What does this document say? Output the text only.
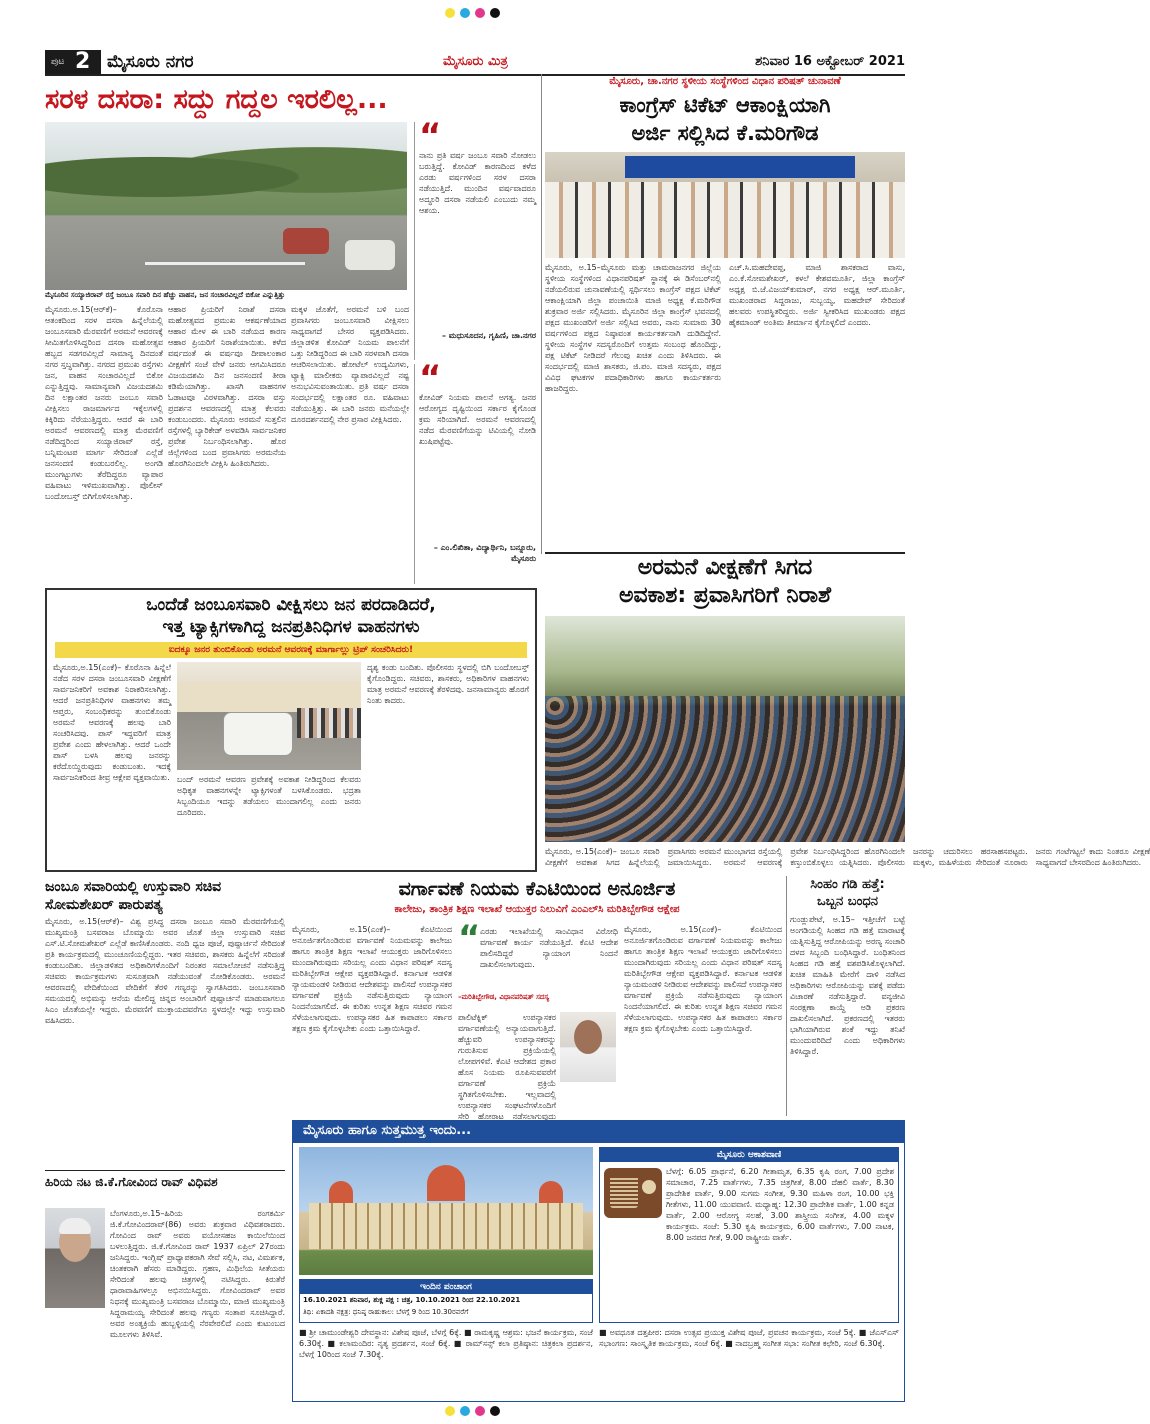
ಪುಟ 2 ಮೈಸೂರು ನಗರ	ಮೈಸೂರು ಮಿತ್ರ	ಶನಿವಾರ 16 ಅಕ್ಟೋಬರ್ 2021
ಸರಳ ದಸರಾ: ಸದ್ದು ಗದ್ದಲ ಇರಲಿಲ್ಲ...
ಮೈಸೂರಿನ ಸಯ್ಯಾಜಿರಾವ್ ರಸ್ತೆ ಜಂಬೂ ಸವಾರಿ ದಿನ ಹೆಚ್ಚು ವಾಹನ, ಜನ ಸಂಚಾರವಿಲ್ಲದೆ ಬಿಕೋ ಎನ್ನುತ್ತಿತ್ತು
“
ನಾನು ಪ್ರತಿ ವರ್ಷ ಜಂಬೂ ಸವಾರಿ ನೋಡಲು ಬರುತ್ತಿದ್ದೆ. ಕೋವಿಡ್ ಕಾರಣದಿಂದ ಕಳೆದ ಎರಡು ವರ್ಷಗಳಿಂದ ಸರಳ ದಸರಾ ನಡೆಯುತ್ತಿದೆ. ಮುಂದಿನ ವರ್ಷವಾದರೂ ಅದ್ಧೂರಿ ದಸರಾ ನಡೆಯಲಿ ಎಂಬುದು ನಮ್ಮ ಆಶಯ.
– ಮಧುಸೂದನ, ಗೃಹಿಣಿ, ಚಾ.ನಗರ
ಮೈಸೂರು.ಅ.15(ಆರ್‌ಕೆ)– ಕೊರೊನಾ ಆತಂಕದಿಂದ ಸರಳ ದಸರಾ ಹಿನ್ನೆಲೆಯಲ್ಲಿ ಜಂಬೂಸವಾರಿ ಮೆರವಣಿಗೆ ಅರಮನೆ ಆವರಣಕ್ಕೆ ಸೀಮಿತಗೊಳಿಸಿದ್ದರಿಂದ ದಸರಾ ಮಹೋತ್ಸವ ಹಬ್ಬದ ಸಡಗರವಿಲ್ಲದೆ ಸಾಮಾನ್ಯ ದಿನದಂತೆ ನಗರ ಸ್ತಬ್ಧವಾಗಿತ್ತು. ನಗರದ ಪ್ರಮುಖ ರಸ್ತೆಗಳು ಜನ, ವಾಹನ ಸಂಚಾರವಿಲ್ಲದೆ ಬಿಕೋ ಎನ್ನುತ್ತಿದ್ದವು. ಸಾಮಾನ್ಯವಾಗಿ ವಿಜಯದಶಮಿ ದಿನ ಲಕ್ಷಾಂತರ ಜನರು ಜಂಬೂ ಸವಾರಿ ವೀಕ್ಷಿಸಲು ರಾಜಮಾರ್ಗದ ಇಕ್ಕೆಲಗಳಲ್ಲಿ ಕಿಕ್ಕಿರಿದು ನೆರೆಯುತ್ತಿದ್ದರು. ಆದರೆ ಈ ಬಾರಿ ಅರಮನೆ ಆವರಣದಲ್ಲಿ ಮಾತ್ರ ಮೆರವಣಿಗೆ ನಡೆದಿದ್ದರಿಂದ ಸಯ್ಯಾಜಿರಾವ್ ರಸ್ತೆ, ಬನ್ನಿಮಂಟಪ ಮಾರ್ಗ ಸೇರಿದಂತೆ ಎಲ್ಲೆಡೆ ಜನಸಂದಣಿ ಕಂಡುಬರಲಿಲ್ಲ. ಅಂಗಡಿ ಮುಂಗಟ್ಟುಗಳು ತೆರೆದಿದ್ದರೂ ವ್ಯಾಪಾರ ವಹಿವಾಟು ಇಳಿಮುಖವಾಗಿತ್ತು. ಪೊಲೀಸ್ ಬಂದೋಬಸ್ತ್ ಬಿಗಿಗೊಳಿಸಲಾಗಿತ್ತು.
ಆಹಾರ ಪ್ರಿಯರಿಗೆ ನಿರಾಶೆ ದಸರಾ ಮಹೋತ್ಸವದ ಪ್ರಮುಖ ಆಕರ್ಷಣೆಯಾದ ಆಹಾರ ಮೇಳ ಈ ಬಾರಿ ನಡೆಯದ ಕಾರಣ ಆಹಾರ ಪ್ರಿಯರಿಗೆ ನಿರಾಶೆಯಾಯಿತು. ಕಳೆದ ವರ್ಷದಂತೆ ಈ ವರ್ಷವೂ ದೀಪಾಲಂಕಾರ ವೀಕ್ಷಣೆಗೆ ಸಂಜೆ ವೇಳೆ ಜನರು ಆಗಮಿಸಿದರೂ ವಿಜಯದಶಮಿ ದಿನ ಜನಸಂದಣಿ ತೀರಾ ಕಡಿಮೆಯಾಗಿತ್ತು. ಖಾಸಗಿ ವಾಹನಗಳ ಓಡಾಟವೂ ವಿರಳವಾಗಿತ್ತು. ದಸರಾ ವಸ್ತು ಪ್ರದರ್ಶನ ಆವರಣದಲ್ಲಿ ಮಾತ್ರ ಕೆಲವರು ಕಂಡುಬಂದರು. ಮೈಸೂರು ಅರಮನೆ ಸುತ್ತಲಿನ ರಸ್ತೆಗಳಲ್ಲಿ ಬ್ಯಾರಿಕೇಡ್ ಅಳವಡಿಸಿ ಸಾರ್ವಜನಿಕರ ಪ್ರವೇಶ ನಿರ್ಬಂಧಿಸಲಾಗಿತ್ತು. ಹೊರ ಜಿಲ್ಲೆಗಳಿಂದ ಬಂದ ಪ್ರವಾಸಿಗರು ಅರಮನೆಯ ಹೊರಗಿನಿಂದಲೇ ವೀಕ್ಷಿಸಿ ಹಿಂತಿರುಗಿದರು.
ಮಕ್ಕಳ ಜೊತೆಗೆ, ಅರಮನೆ ಬಳಿ ಬಂದ ಪ್ರವಾಸಿಗರು ಜಂಬೂಸವಾರಿ ವೀಕ್ಷಿಸಲು ಸಾಧ್ಯವಾಗದೆ ಬೇಸರ ವ್ಯಕ್ತಪಡಿಸಿದರು. ಜಿಲ್ಲಾಡಳಿತ ಕೋವಿಡ್ ನಿಯಮ ಪಾಲನೆಗೆ ಒತ್ತು ನೀಡಿದ್ದರಿಂದ ಈ ಬಾರಿ ಸರಳವಾಗಿ ದಸರಾ ಆಚರಿಸಲಾಯಿತು. ಹೋಟೆಲ್ ಉದ್ಯಮಿಗಳು, ಟ್ಯಾಕ್ಸಿ ಮಾಲೀಕರು ವ್ಯಾಪಾರವಿಲ್ಲದೆ ನಷ್ಟ ಅನುಭವಿಸುವಂತಾಯಿತು. ಪ್ರತಿ ವರ್ಷ ದಸರಾ ಸಂದರ್ಭದಲ್ಲಿ ಲಕ್ಷಾಂತರ ರೂ. ವಹಿವಾಟು ನಡೆಯುತ್ತಿತ್ತು. ಈ ಬಾರಿ ಜನರು ಮನೆಯಲ್ಲೇ ದೂರದರ್ಶನದಲ್ಲಿ ನೇರ ಪ್ರಸಾರ ವೀಕ್ಷಿಸಿದರು.
“
ಕೋವಿಡ್ ನಿಯಮ ಪಾಲನೆ ಅಗತ್ಯ. ಜನರ ಆರೋಗ್ಯದ ದೃಷ್ಟಿಯಿಂದ ಸರ್ಕಾರ ಕೈಗೊಂಡ ಕ್ರಮ ಸರಿಯಾಗಿದೆ. ಅರಮನೆ ಆವರಣದಲ್ಲಿ ನಡೆದ ಮೆರವಣಿಗೆಯನ್ನು ಟಿವಿಯಲ್ಲಿ ನೋಡಿ ಖುಷಿಪಟ್ಟೆವು.
– ಎಂ.ಲಿಖಿತಾ, ವಿದ್ಯಾರ್ಥಿನಿ, ಬನ್ನೂರು, ಮೈಸೂರು
ಮೈಸೂರು, ಚಾ.ನಗರ ಸ್ಥಳೀಯ ಸಂಸ್ಥೆಗಳಿಂದ ವಿಧಾನ ಪರಿಷತ್ ಚುನಾವಣೆ
ಕಾಂಗ್ರೆಸ್ ಟಿಕೆಟ್ ಆಕಾಂಕ್ಷಿಯಾಗಿ
ಅರ್ಜಿ ಸಲ್ಲಿಸಿದ ಕೆ.ಮರಿಗೌಡ
ಮೈಸೂರು, ಅ.15–ಮೈಸೂರು ಮತ್ತು ಚಾಮರಾಜನಗರ ಜಿಲ್ಲೆಯ ಸ್ಥಳೀಯ ಸಂಸ್ಥೆಗಳಿಂದ ವಿಧಾನಪರಿಷತ್ ಸ್ಥಾನಕ್ಕೆ ಈ ಡಿಸೆಂಬರ್‌ನಲ್ಲಿ ನಡೆಯಲಿರುವ ಚುನಾವಣೆಯಲ್ಲಿ ಸ್ಪರ್ಧಿಸಲು ಕಾಂಗ್ರೆಸ್ ಪಕ್ಷದ ಟಿಕೆಟ್ ಆಕಾಂಕ್ಷಿಯಾಗಿ ಜಿಲ್ಲಾ ಪಂಚಾಯಿತಿ ಮಾಜಿ ಅಧ್ಯಕ್ಷ ಕೆ.ಮರಿಗೌಡ ಶುಕ್ರವಾರ ಅರ್ಜಿ ಸಲ್ಲಿಸಿದರು. ಮೈಸೂರಿನ ಜಿಲ್ಲಾ ಕಾಂಗ್ರೆಸ್ ಭವನದಲ್ಲಿ ಪಕ್ಷದ ಮುಖಂಡರಿಗೆ ಅರ್ಜಿ ಸಲ್ಲಿಸಿದ ಅವರು, ನಾನು ಸುಮಾರು 30 ವರ್ಷಗಳಿಂದ ಪಕ್ಷದ ನಿಷ್ಠಾವಂತ ಕಾರ್ಯಕರ್ತನಾಗಿ ದುಡಿದಿದ್ದೇನೆ. ಸ್ಥಳೀಯ ಸಂಸ್ಥೆಗಳ ಸದಸ್ಯರೊಂದಿಗೆ ಉತ್ತಮ ಸಂಬಂಧ ಹೊಂದಿದ್ದು, ಪಕ್ಷ ಟಿಕೆಟ್ ನೀಡಿದರೆ ಗೆಲುವು ಖಚಿತ ಎಂದು ತಿಳಿಸಿದರು. ಈ ಸಂದರ್ಭದಲ್ಲಿ ಮಾಜಿ ಶಾಸಕರು, ಜಿ.ಪಂ. ಮಾಜಿ ಸದಸ್ಯರು, ಪಕ್ಷದ ವಿವಿಧ ಘಟಕಗಳ ಪದಾಧಿಕಾರಿಗಳು ಹಾಗೂ ಕಾರ್ಯಕರ್ತರು ಹಾಜರಿದ್ದರು.
ಎಚ್.ಸಿ.ಮಹದೇವಪ್ಪ, ಮಾಜಿ ಶಾಸಕರಾದ ವಾಸು, ಎಂ.ಕೆ.ಸೋಮಶೇಖರ್, ಕಳಲೆ ಕೇಶವಮೂರ್ತಿ, ಜಿಲ್ಲಾ ಕಾಂಗ್ರೆಸ್ ಅಧ್ಯಕ್ಷ ಬಿ.ಜೆ.ವಿಜಯ್‌ಕುಮಾರ್, ನಗರ ಅಧ್ಯಕ್ಷ ಆರ್.ಮೂರ್ತಿ, ಮುಖಂಡರಾದ ಸಿದ್ದರಾಜು, ಸುಬ್ಬಯ್ಯ, ಮಹದೇವ್ ಸೇರಿದಂತೆ ಹಲವರು ಉಪಸ್ಥಿತರಿದ್ದರು. ಅರ್ಜಿ ಸ್ವೀಕರಿಸಿದ ಮುಖಂಡರು ಪಕ್ಷದ ಹೈಕಮಾಂಡ್ ಅಂತಿಮ ತೀರ್ಮಾನ ಕೈಗೊಳ್ಳಲಿದೆ ಎಂದರು.
ಅರಮನೆ ವೀಕ್ಷಣೆಗೆ ಸಿಗದ
ಅವಕಾಶ: ಪ್ರವಾಸಿಗರಿಗೆ ನಿರಾಶೆ
ಮೈಸೂರು, ಅ.15(ಎಂಕೆ)– ಜಂಬೂ ಸವಾರಿ ವೀಕ್ಷಣೆಗೆ ಅವಕಾಶ ಸಿಗದ ಹಿನ್ನೆಲೆಯಲ್ಲಿ ಪ್ರವಾಸಿಗರು ಅರಮನೆ ಮುಂಭಾಗದ ರಸ್ತೆಯಲ್ಲಿ ಜಮಾಯಿಸಿದ್ದರು. ಅರಮನೆ ಆವರಣಕ್ಕೆ ಪ್ರವೇಶ ನಿರ್ಬಂಧಿಸಿದ್ದರಿಂದ ಹೊರಗಿನಿಂದಲೇ ಕಣ್ತುಂಬಿಕೊಳ್ಳಲು ಯತ್ನಿಸಿದರು. ಪೊಲೀಸರು ಜನರನ್ನು ಚದುರಿಸಲು ಹರಸಾಹಸಪಟ್ಟರು. ಮಕ್ಕಳು, ಮಹಿಳೆಯರು ಸೇರಿದಂತೆ ನೂರಾರು ಜನರು ಗಂಟೆಗಟ್ಟಲೆ ಕಾದು ನಿಂತರೂ ವೀಕ್ಷಣೆ ಸಾಧ್ಯವಾಗದೆ ಬೇಸರದಿಂದ ಹಿಂತಿರುಗಿದರು.
ಒಂದೆಡೆ ಜಂಬೂಸವಾರಿ ವೀಕ್ಷಿಸಲು ಜನ ಪರದಾಡಿದರೆ,
ಇತ್ತ ಟ್ಯಾಕ್ಸಿಗಳಾಗಿದ್ದ ಜನಪ್ರತಿನಿಧಿಗಳ ವಾಹನಗಳು
ಐದಕ್ಕೂ ಜನರ ತುಂಬಿಕೊಂಡು ಅರಮನೆ ಆವರಣಕ್ಕೆ ಮಾರ್ಗಾಲ್ಲು ಟ್ರಿಪ್ ಸಂಚರಿಸಿದರು!
ಮೈಸೂರು,ಅ.15(ಎಂಕೆ)– ಕೊರೊನಾ ಹಿನ್ನೆಲೆ ನಡೆದ ಸರಳ ದಸರಾ ಜಂಬೂಸವಾರಿ ವೀಕ್ಷಣೆಗೆ ಸಾರ್ವಜನಿಕರಿಗೆ ಅವಕಾಶ ನಿರಾಕರಿಸಲಾಗಿತ್ತು. ಆದರೆ ಜನಪ್ರತಿನಿಧಿಗಳ ವಾಹನಗಳು ತಮ್ಮ ಆಪ್ತರು, ಸಂಬಂಧಿಕರನ್ನು ತುಂಬಿಕೊಂಡು ಅರಮನೆ ಆವರಣಕ್ಕೆ ಹಲವು ಬಾರಿ ಸಂಚರಿಸಿದವು. ಪಾಸ್ ಇದ್ದವರಿಗೆ ಮಾತ್ರ ಪ್ರವೇಶ ಎಂದು ಹೇಳಲಾಗಿತ್ತು. ಆದರೆ ಒಂದೇ ಪಾಸ್ ಬಳಸಿ ಹಲವು ಜನರನ್ನು ಕರೆದೊಯ್ದಿರುವುದು ಕಂಡುಬಂತು. ಇದಕ್ಕೆ ಸಾರ್ವಜನಿಕರಿಂದ ತೀವ್ರ ಆಕ್ಷೇಪ ವ್ಯಕ್ತವಾಯಿತು. ಬಂದ್‌ ಅರಮನೆ ಆವರಣ ಪ್ರವೇಶಕ್ಕೆ ಅವಕಾಶ ನೀಡಿದ್ದರಿಂದ ಕೆಲವರು ಅಧಿಕೃತ ವಾಹನಗಳನ್ನೇ ಟ್ಯಾಕ್ಸಿಗಳಂತೆ ಬಳಸಿಕೊಂಡರು. ಭದ್ರತಾ ಸಿಬ್ಬಂದಿಯೂ ಇದನ್ನು ತಡೆಯಲು ಮುಂದಾಗಲಿಲ್ಲ ಎಂದು ಜನರು ದೂರಿದರು.
ದೃಶ್ಯ ಕಂಡು ಬಂದಿತು. ಪೊಲೀಸರು ಸ್ಥಳದಲ್ಲಿ ಬಿಗಿ ಬಂದೋಬಸ್ತ್ ಕೈಗೊಂಡಿದ್ದರು. ಸಚಿವರು, ಶಾಸಕರು, ಅಧಿಕಾರಿಗಳ ವಾಹನಗಳು ಮಾತ್ರ ಅರಮನೆ ಆವರಣಕ್ಕೆ ತೆರಳಿದವು. ಜನಸಾಮಾನ್ಯರು ಹೊರಗೆ ನಿಂತು ಕಾದರು.
ಜಂಬೂ ಸವಾರಿಯಲ್ಲಿ ಉಸ್ತುವಾರಿ ಸಚಿವ ಸೋಮಶೇಖರ್ ಪಾರುಪತ್ಯ
ಮೈಸೂರು, ಅ.15(ಆರ್‌ಕೆ)– ವಿಶ್ವ ಪ್ರಸಿದ್ಧ ದಸರಾ ಜಂಬೂ ಸವಾರಿ ಮೆರವಣಿಗೆಯಲ್ಲಿ ಮುಖ್ಯಮಂತ್ರಿ ಬಸವರಾಜ ಬೊಮ್ಮಾಯಿ ಅವರ ಜೊತೆ ಜಿಲ್ಲಾ ಉಸ್ತುವಾರಿ ಸಚಿವ ಎಸ್.ಟಿ.ಸೋಮಶೇಖರ್ ಎಲ್ಲೆಡೆ ಕಾಣಿಸಿಕೊಂಡರು. ನಂದಿ ಧ್ವಜ ಪೂಜೆ, ಪುಷ್ಪಾರ್ಚನೆ ಸೇರಿದಂತೆ ಪ್ರತಿ ಕಾರ್ಯಕ್ರಮದಲ್ಲಿ ಮುಂಚೂಣಿಯಲ್ಲಿದ್ದರು. ಇತರ ಸಚಿವರು, ಶಾಸಕರು ಹಿನ್ನೆಲೆಗೆ ಸರಿದಂತೆ ಕಂಡುಬಂದಿತು. ಜಿಲ್ಲಾಡಳಿತದ ಅಧಿಕಾರಿಗಳೊಂದಿಗೆ ನಿರಂತರ ಸಮಾಲೋಚನೆ ನಡೆಸುತ್ತಿದ್ದ ಸಚಿವರು ಕಾರ್ಯಕ್ರಮಗಳು ಸುಸೂತ್ರವಾಗಿ ನಡೆಯುವಂತೆ ನೋಡಿಕೊಂಡರು. ಅರಮನೆ ಆವರಣದಲ್ಲಿ ವೇದಿಕೆಯಿಂದ ವೇದಿಕೆಗೆ ತೆರಳಿ ಗಣ್ಯರನ್ನು ಸ್ವಾಗತಿಸಿದರು. ಜಂಬೂಸವಾರಿ ಸಮಯದಲ್ಲಿ ಅಭಿಮನ್ಯು ಆನೆಯ ಮೇಲಿದ್ದ ಚಿನ್ನದ ಅಂಬಾರಿಗೆ ಪುಷ್ಪಾರ್ಚನೆ ಮಾಡುವಾಗಲೂ ಸಿಎಂ ಜೊತೆಯಲ್ಲೇ ಇದ್ದರು. ಮೆರವಣಿಗೆ ಮುಕ್ತಾಯದವರೆಗೂ ಸ್ಥಳದಲ್ಲೇ ಇದ್ದು ಉಸ್ತುವಾರಿ ವಹಿಸಿದರು.
ಹಿರಿಯ ನಟ ಜಿ.ಕೆ.ಗೋವಿಂದ ರಾವ್ ವಿಧಿವಶ
ಬೆಂಗಳೂರು,ಅ.15–ಹಿರಿಯ ರಂಗಕರ್ಮಿ ಜಿ.ಕೆ.ಗೋವಿಂದರಾವ್(86) ಅವರು ಶುಕ್ರವಾರ ವಿಧಿವಶರಾದರು. ಗೋವಿಂದ ರಾವ್ ಅವರು ವಯೋಸಹಜ ಕಾಯಿಲೆಯಿಂದ ಬಳಲುತ್ತಿದ್ದರು. ಜಿ.ಕೆ.ಗೋವಿಂದ ರಾವ್ 1937 ಏಪ್ರಿಲ್ 27ರಂದು ಜನಿಸಿದ್ದರು. ಇಂಗ್ಲಿಷ್ ಪ್ರಾಧ್ಯಾಪಕರಾಗಿ ಸೇವೆ ಸಲ್ಲಿಸಿ, ನಟ, ವಿಮರ್ಶಕ, ಚಿಂತಕರಾಗಿ ಹೆಸರು ಮಾಡಿದ್ದರು. ಗ್ರಹಣ, ಮಿಥಿಲೆಯ ಸೀತೆಯರು ಸೇರಿದಂತೆ ಹಲವು ಚಿತ್ರಗಳಲ್ಲಿ ನಟಿಸಿದ್ದರು. ಕಿರುತೆರೆ ಧಾರಾವಾಹಿಗಳಲ್ಲೂ ಅಭಿನಯಿಸಿದ್ದರು. ಗೋವಿಂದರಾವ್ ಅವರ ನಿಧನಕ್ಕೆ ಮುಖ್ಯಮಂತ್ರಿ ಬಸವರಾಜ ಬೊಮ್ಮಾಯಿ, ಮಾಜಿ ಮುಖ್ಯಮಂತ್ರಿ ಸಿದ್ದರಾಮಯ್ಯ ಸೇರಿದಂತೆ ಹಲವು ಗಣ್ಯರು ಸಂತಾಪ ಸೂಚಿಸಿದ್ದಾರೆ. ಅವರ ಅಂತ್ಯಕ್ರಿಯೆ ಹುಬ್ಬಳ್ಳಿಯಲ್ಲಿ ನೆರವೇರಲಿದೆ ಎಂದು ಕುಟುಂಬದ ಮೂಲಗಳು ತಿಳಿಸಿವೆ.
ವರ್ಗಾವಣೆ ನಿಯಮ ಕೆಎಟಿಯಿಂದ ಅನೂರ್ಜಿತ
ಕಾಲೇಜು, ತಾಂತ್ರಿಕ ಶಿಕ್ಷಣ ಇಲಾಖೆ ಆಯುಕ್ತರ ನಿಲುವಿಗೆ ಎಂಎಲ್‌ಸಿ ಮರಿತಿಬ್ಬೇಗೌಡ ಆಕ್ಷೇಪ
ಮೈಸೂರು, ಅ.15(ಎಂಕೆ)– ಕೆಎಟಿಯಿಂದ ಅನೂರ್ಜಿತಗೊಂಡಿರುವ ವರ್ಗಾವಣೆ ನಿಯಮವನ್ನು ಕಾಲೇಜು ಹಾಗೂ ತಾಂತ್ರಿಕ ಶಿಕ್ಷಣ ಇಲಾಖೆ ಆಯುಕ್ತರು ಜಾರಿಗೊಳಿಸಲು ಮುಂದಾಗಿರುವುದು ಸರಿಯಲ್ಲ ಎಂದು ವಿಧಾನ ಪರಿಷತ್ ಸದಸ್ಯ ಮರಿತಿಬ್ಬೇಗೌಡ ಆಕ್ಷೇಪ ವ್ಯಕ್ತಪಡಿಸಿದ್ದಾರೆ. ಕರ್ನಾಟಕ ಆಡಳಿತ ನ್ಯಾಯಮಂಡಳಿ ನೀಡಿರುವ ಆದೇಶವನ್ನು ಪಾಲಿಸದೆ ಉಪನ್ಯಾಸಕರ ವರ್ಗಾವಣೆ ಪ್ರಕ್ರಿಯೆ ನಡೆಸುತ್ತಿರುವುದು ನ್ಯಾಯಾಂಗ ನಿಂದನೆಯಾಗಲಿದೆ. ಈ ಕುರಿತು ಉನ್ನತ ಶಿಕ್ಷಣ ಸಚಿವರ ಗಮನ ಸೆಳೆಯಲಾಗುವುದು. ಉಪನ್ಯಾಸಕರ ಹಿತ ಕಾಪಾಡಲು ಸರ್ಕಾರ ತಕ್ಷಣ ಕ್ರಮ ಕೈಗೊಳ್ಳಬೇಕು ಎಂದು ಒತ್ತಾಯಿಸಿದ್ದಾರೆ.
“ ಎರಡು ಇಲಾಖೆಯಲ್ಲಿ ಸಾಂವಿಧಾನ ವಿರೋಧಿ ವರ್ಗಾವಣೆ ಕಾರ್ಯ ನಡೆಯುತ್ತಿದೆ. ಕೆಎಟಿ ಆದೇಶ ಪಾಲಿಸದಿದ್ದರೆ ನ್ಯಾಯಾಂಗ ನಿಂದನೆ ದಾಖಲಿಸಲಾಗುವುದು.
–ಮರಿತಿಬ್ಬೇಗೌಡ, ವಿಧಾನಪರಿಷತ್ ಸದಸ್ಯ
ಪಾಲಿಟೆಕ್ನಿಕ್ ಉಪನ್ಯಾಸಕರ ವರ್ಗಾವಣೆಯಲ್ಲಿ ಅನ್ಯಾಯವಾಗುತ್ತಿದೆ. ಹೆಚ್ಚುವರಿ ಉಪನ್ಯಾಸಕರನ್ನು ಗುರುತಿಸುವ ಪ್ರಕ್ರಿಯೆಯಲ್ಲಿ ಲೋಪಗಳಿವೆ. ಕೆಎಟಿ ಆದೇಶದ ಪ್ರಕಾರ ಹೊಸ ನಿಯಮ ರೂಪಿಸುವವರೆಗೆ ವರ್ಗಾವಣೆ ಪ್ರಕ್ರಿಯೆ ಸ್ಥಗಿತಗೊಳಿಸಬೇಕು. ಇಲ್ಲವಾದಲ್ಲಿ ಉಪನ್ಯಾಸಕರ ಸಂಘಟನೆಗಳೊಂದಿಗೆ ಸೇರಿ ಹೋರಾಟ ನಡೆಸಲಾಗುವುದು
ಮೈಸೂರು, ಅ.15(ಎಂಕೆ)– ಕೆಎಟಿಯಿಂದ ಅನೂರ್ಜಿತಗೊಂಡಿರುವ ವರ್ಗಾವಣೆ ನಿಯಮವನ್ನು ಕಾಲೇಜು ಹಾಗೂ ತಾಂತ್ರಿಕ ಶಿಕ್ಷಣ ಇಲಾಖೆ ಆಯುಕ್ತರು ಜಾರಿಗೊಳಿಸಲು ಮುಂದಾಗಿರುವುದು ಸರಿಯಲ್ಲ ಎಂದು ವಿಧಾನ ಪರಿಷತ್ ಸದಸ್ಯ ಮರಿತಿಬ್ಬೇಗೌಡ ಆಕ್ಷೇಪ ವ್ಯಕ್ತಪಡಿಸಿದ್ದಾರೆ. ಕರ್ನಾಟಕ ಆಡಳಿತ ನ್ಯಾಯಮಂಡಳಿ ನೀಡಿರುವ ಆದೇಶವನ್ನು ಪಾಲಿಸದೆ ಉಪನ್ಯಾಸಕರ ವರ್ಗಾವಣೆ ಪ್ರಕ್ರಿಯೆ ನಡೆಸುತ್ತಿರುವುದು ನ್ಯಾಯಾಂಗ ನಿಂದನೆಯಾಗಲಿದೆ. ಈ ಕುರಿತು ಉನ್ನತ ಶಿಕ್ಷಣ ಸಚಿವರ ಗಮನ ಸೆಳೆಯಲಾಗುವುದು. ಉಪನ್ಯಾಸಕರ ಹಿತ ಕಾಪಾಡಲು ಸರ್ಕಾರ ತಕ್ಷಣ ಕ್ರಮ ಕೈಗೊಳ್ಳಬೇಕು ಎಂದು ಒತ್ತಾಯಿಸಿದ್ದಾರೆ.
ಸಿಂಹಂ ಗಡಿ ಹತ್ತೆ:
ಒಬ್ಬನ ಬಂಧನ
ಗುಂಡ್ಲುಪೇಟೆ, ಅ.15– ಇತ್ತೀಚೆಗೆ ಬಟ್ಟೆ ಅಂಗಡಿಯಲ್ಲಿ ಸಿಂಹದ ಗಡಿ ಹತ್ತೆ ಮಾರಾಟಕ್ಕೆ ಯತ್ನಿಸುತ್ತಿದ್ದ ಆರೋಪಿಯನ್ನು ಅರಣ್ಯ ಸಂಚಾರಿ ದಳದ ಸಿಬ್ಬಂದಿ ಬಂಧಿಸಿದ್ದಾರೆ. ಬಂಧಿತನಿಂದ ಸಿಂಹದ ಗಡಿ ಹತ್ತೆ ವಶಪಡಿಸಿಕೊಳ್ಳಲಾಗಿದೆ. ಖಚಿತ ಮಾಹಿತಿ ಮೇರೆಗೆ ದಾಳಿ ನಡೆಸಿದ ಅಧಿಕಾರಿಗಳು ಆರೋಪಿಯನ್ನು ವಶಕ್ಕೆ ಪಡೆದು ವಿಚಾರಣೆ ನಡೆಸುತ್ತಿದ್ದಾರೆ. ವನ್ಯಜೀವಿ ಸಂರಕ್ಷಣಾ ಕಾಯ್ದೆ ಅಡಿ ಪ್ರಕರಣ ದಾಖಲಿಸಲಾಗಿದೆ. ಪ್ರಕರಣದಲ್ಲಿ ಇತರರು ಭಾಗಿಯಾಗಿರುವ ಶಂಕೆ ಇದ್ದು ತನಿಖೆ ಮುಂದುವರಿದಿದೆ ಎಂದು ಅಧಿಕಾರಿಗಳು ತಿಳಿಸಿದ್ದಾರೆ.
ಮೈಸೂರು ಹಾಗೂ ಸುತ್ತಮುತ್ತ ಇಂದು...
ಇಂದಿನ ಪಂಚಾಂಗ
16.10.2021 ಶನಿವಾರ, ಶುಕ್ಲ ಪಕ್ಷ : ಚತ್ರ, 10.10.2021 ರಿಂದ 22.10.2021
ತಿಥಿ: ಏಕಾದಶಿ ನಕ್ಷತ್ರ: ಧನಿಷ್ಠ ರಾಹುಕಾಲ: ಬೆಳಗ್ಗೆ 9 ರಿಂದ 10.30ರವರೆಗೆ
ಮೈಸೂರು ಆಕಾಶವಾಣಿ
ಬೆಳಗ್ಗೆ: 6.05 ಪ್ರಾರ್ಥನೆ, 6.20 ಗೀತಾಮೃತ, 6.35 ಕೃಷಿ ರಂಗ, 7.00 ಪ್ರದೇಶ ಸಮಾಚಾರ, 7.25 ವಾರ್ತೆಗಳು, 7.35 ಚಿತ್ರಗೀತೆ, 8.00 ದೆಹಲಿ ವಾರ್ತೆ, 8.30 ಪ್ರಾದೇಶಿಕ ವಾರ್ತೆ, 9.00 ಸುಗಮ ಸಂಗೀತ, 9.30 ಮಹಿಳಾ ರಂಗ, 10.00 ಭಕ್ತಿ ಗೀತೆಗಳು, 11.00 ಯುವವಾಣಿ. ಮಧ್ಯಾಹ್ನ: 12.30 ಪ್ರಾದೇಶಿಕ ವಾರ್ತೆ, 1.00 ಕನ್ನಡ ವಾರ್ತೆ, 2.00 ಆರೋಗ್ಯ ಸಲಹೆ, 3.00 ಶಾಸ್ತ್ರೀಯ ಸಂಗೀತ, 4.00 ಮಕ್ಕಳ ಕಾರ್ಯಕ್ರಮ. ಸಂಜೆ: 5.30 ಕೃಷಿ ಕಾರ್ಯಕ್ರಮ, 6.00 ವಾರ್ತೆಗಳು, 7.00 ನಾಟಕ, 8.00 ಜನಪದ ಗೀತೆ, 9.00 ರಾಷ್ಟ್ರೀಯ ವಾರ್ತೆ.
■ ಶ್ರೀ ಚಾಮುಂಡೇಶ್ವರಿ ದೇವಸ್ಥಾನ: ವಿಶೇಷ ಪೂಜೆ, ಬೆಳಗ್ಗೆ 6ಕ್ಕೆ. ■ ರಾಮಕೃಷ್ಣ ಆಶ್ರಮ: ಭಜನೆ ಕಾರ್ಯಕ್ರಮ, ಸಂಜೆ 6.30ಕ್ಕೆ. ■ ಕಲಾಮಂದಿರ: ನೃತ್ಯ ಪ್ರದರ್ಶನ, ಸಂಜೆ 6ಕ್ಕೆ. ■ ರಾಮ್‌ಸನ್ಸ್ ಕಲಾ ಪ್ರತಿಷ್ಠಾನ: ಚಿತ್ರಕಲಾ ಪ್ರದರ್ಶನ, ಬೆಳಗ್ಗೆ 10ರಿಂದ ಸಂಜೆ 7.30ಕ್ಕೆ.
■ ಅವಧೂತ ದತ್ತಪೀಠ: ದಸರಾ ಉತ್ಸವ ಪ್ರಯುಕ್ತ ವಿಶೇಷ ಪೂಜೆ, ಪ್ರವಚನ ಕಾರ್ಯಕ್ರಮ, ಸಂಜೆ 5ಕ್ಕೆ. ■ ಜೆಎಸ್‌ಎಸ್ ಸಭಾಂಗಣ: ಸಾಂಸ್ಕೃತಿಕ ಕಾರ್ಯಕ್ರಮ, ಸಂಜೆ 6ಕ್ಕೆ. ■ ನಾದಬ್ರಹ್ಮ ಸಂಗೀತ ಸಭಾ: ಸಂಗೀತ ಕಛೇರಿ, ಸಂಜೆ 6.30ಕ್ಕೆ.
